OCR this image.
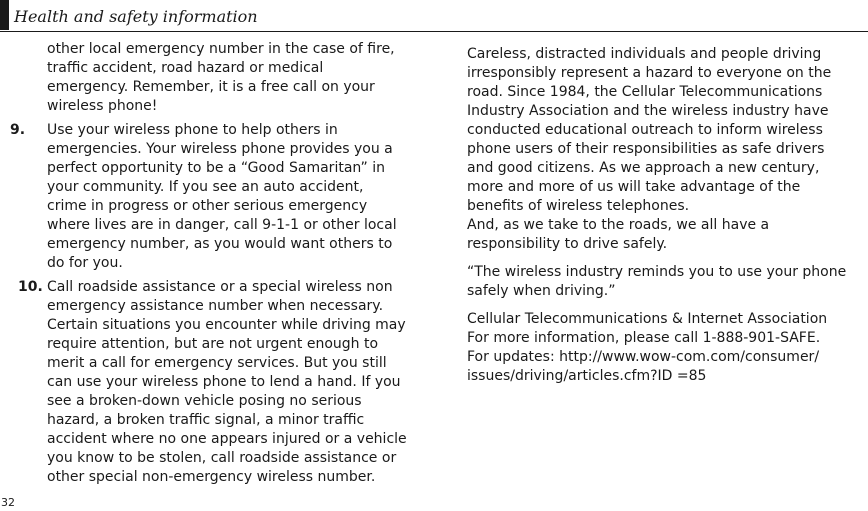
Health and safety information

other local emergency number in the case of fire,
traffic accident, road hazard or medical
emergency. Remember, it is a free call on your
wireless phone!

9. Use your wireless phone to help others in
emergencies. Your wireless phone provides you a
perfect opportunity to be a “Good Samaritan” in
your community. If you see an auto accident,
crime in progress or other serious emergency
where lives are in danger, call 9-1-1 or other local
emergency number, as you would want others to
do for you.
10. Call roadside assistance or a special wireless non
emergency assistance number when necessary.
Certain situations you encounter while driving may
require attention, but are not urgent enough to
merit a call for emergency services. But you still
can use your wireless phone to lend a hand. If you
see a broken-down vehicle posing no serious
hazard, a broken traffic signal, a minor traffic
accident where no one appears injured or a vehicle
you know to be stolen, call roadside assistance or
other special non-emergency wireless number.

Careless, distracted individuals and people driving
irresponsibly represent a hazard to everyone on the
road. Since 1984, the Cellular Telecommunications
Industry Association and the wireless industry have
conducted educational outreach to inform wireless
phone users of their responsibilities as safe drivers
and good citizens. As we approach a new century,
more and more of us will take advantage of the
benefits of wireless telephones.
And, as we take to the roads, we all have a
responsibility to drive safely.

“The wireless industry reminds you to use your phone
safely when driving.”

Cellular Telecommunications & Internet Association
For more information, please call 1-888-901-SAFE.
For updates: http://www.wow-com.com/consumer/
issues/driving/articles.cfm?ID =85

32
